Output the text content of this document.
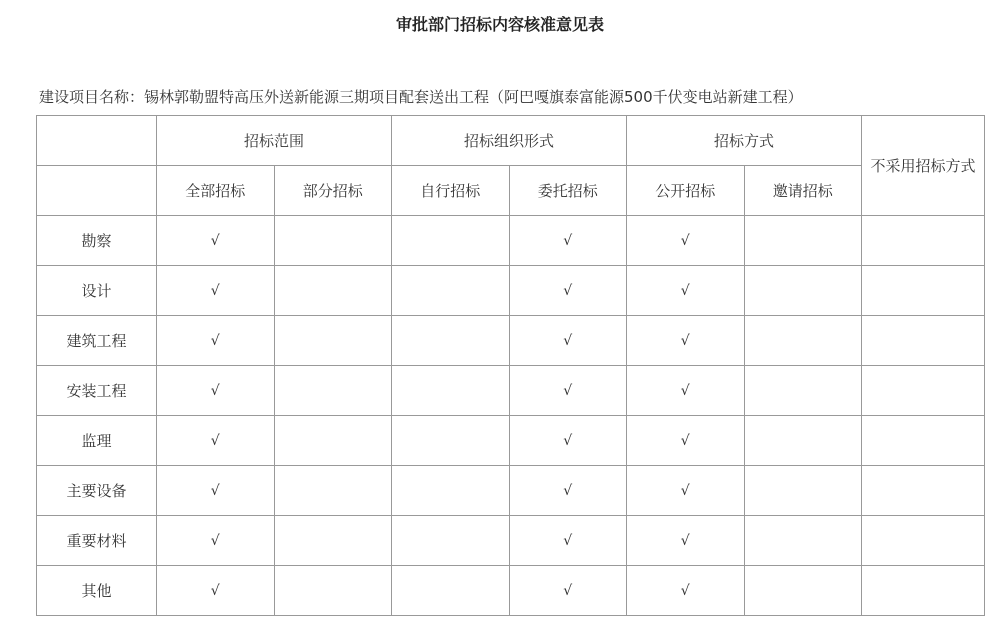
审批部门招标内容核准意见表
建设项目名称：锡林郭勒盟特高压外送新能源三期项目配套送出工程（阿巴嘎旗泰富能源500千伏变电站新建工程）
	招标范围		招标组织形式		招标方式		不采用招标方式
	全部招标	部分招标	自行招标	委托招标	公开招标	邀请招标	
勘察	√			√	√		
设计	√			√	√		
建筑工程	√			√	√		
安装工程	√			√	√		
监理	√			√	√		
主要设备	√			√	√		
重要材料	√			√	√		
其他	√			√	√		
